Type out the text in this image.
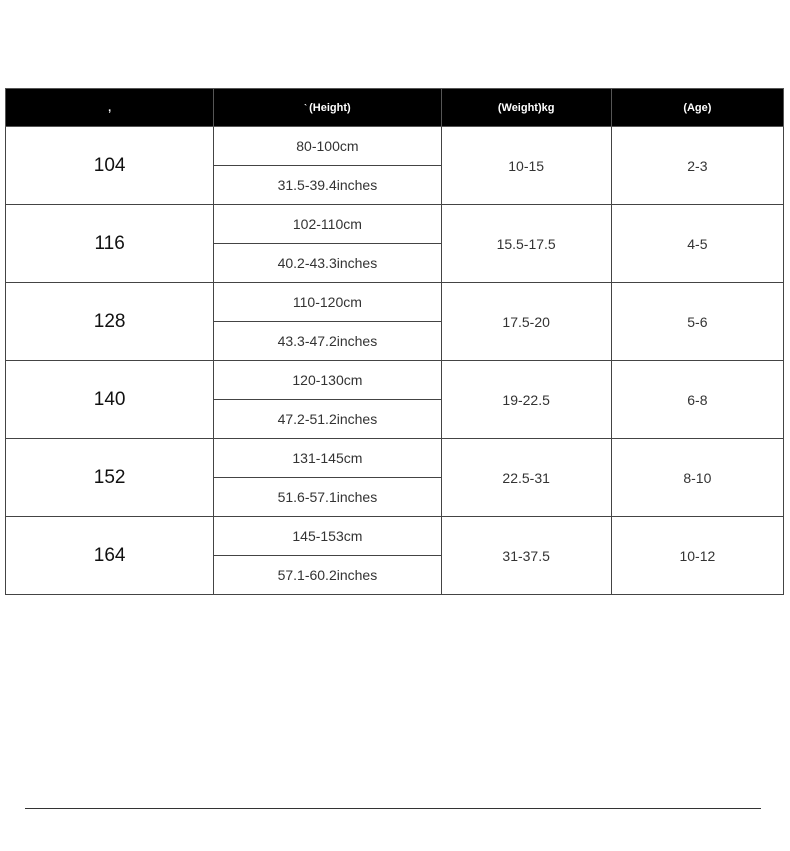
,	` (Height)	(Weight)kg	(Age)
104	80-100cm	10-15	2-3
	31.5-39.4inches		
116	102-110cm	15.5-17.5	4-5
	40.2-43.3inches		
128	110-120cm	17.5-20	5-6
	43.3-47.2inches		
140	120-130cm	19-22.5	6-8
	47.2-51.2inches		
152	131-145cm	22.5-31	8-10
	51.6-57.1inches		
164	145-153cm	31-37.5	10-12
	57.1-60.2inches		
